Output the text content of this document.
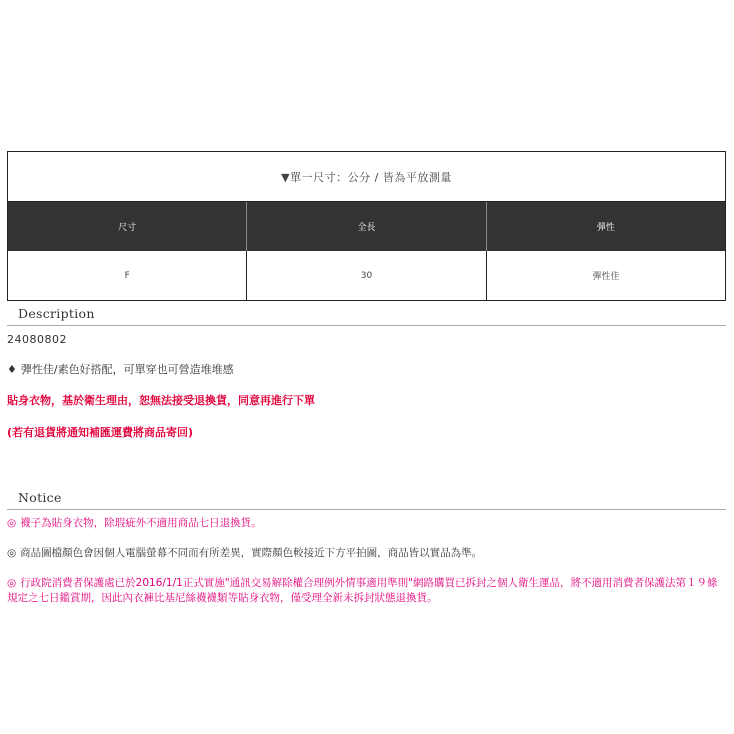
▼單一尺寸：公分 / 皆為平放測量
尺寸	全長	彈性
F	30	彈性佳
Description
24080802
♦ 彈性佳/素色好搭配，可單穿也可營造堆堆感
貼身衣物，基於衛生理由，恕無法接受退換貨，同意再進行下單
(若有退貨將通知補匯運費將商品寄回)
Notice
◎ 襪子為貼身衣物，除瑕疵外不適用商品七日退換貨。
◎ 商品圖檔顏色會因個人電腦螢幕不同而有所差異，實際顏色較接近下方平拍圖，商品皆以實品為準。
◎ 行政院消費者保護處已於2016/1/1正式實施"通訊交易解除權合理例外情事適用準則"網路購買已拆封之個人衛生運品，將不適用消費者保護法第１９條規定之七日鑑賞期，因此內衣褲比基尼絲襪襪類等貼身衣物，僅受理全新未拆封狀態退換貨。
